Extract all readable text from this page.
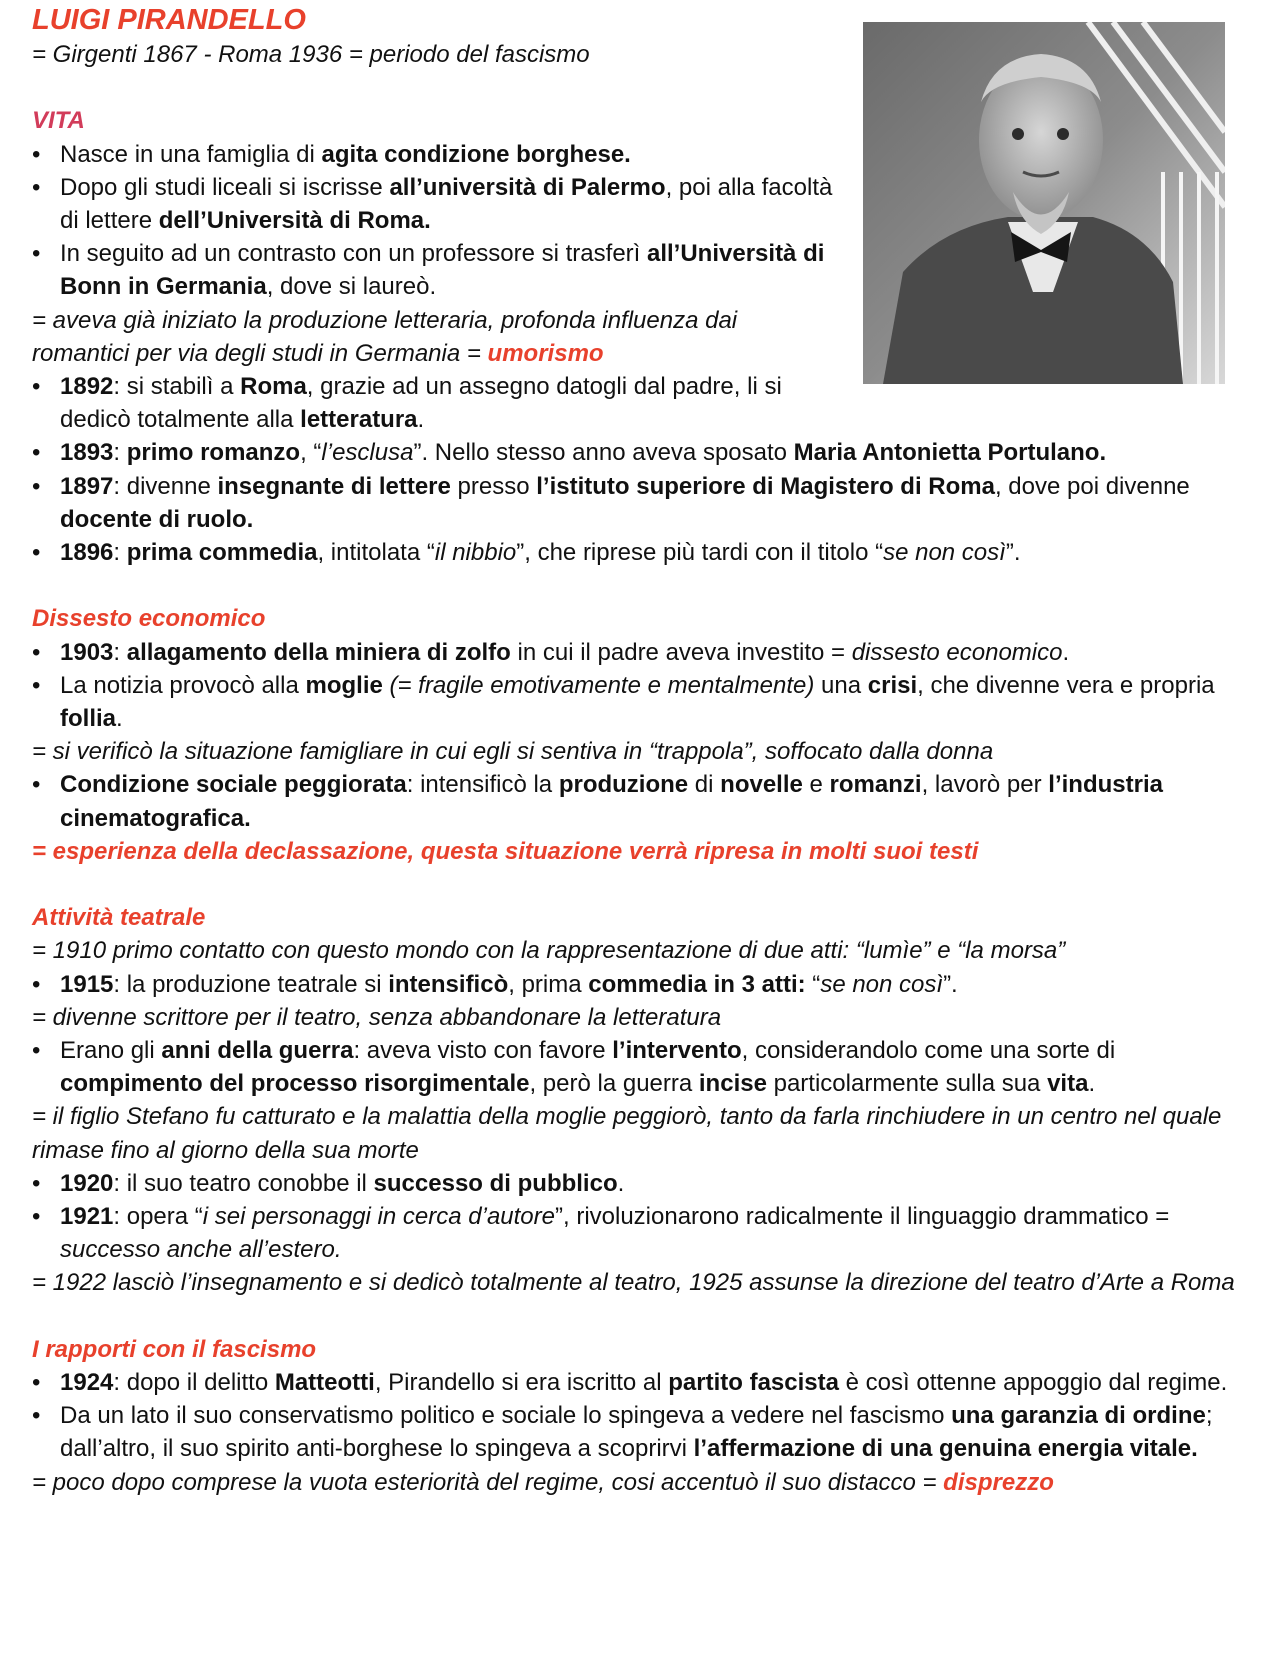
LUIGI PIRANDELLO
= Girgenti 1867 - Roma 1936 = periodo del fascismo
VITA
• Nasce in una famiglia di agita condizione borghese.
• Dopo gli studi liceali si iscrisse all’università di Palermo, poi alla facoltà di lettere dell’Università di Roma.
• In seguito ad un contrasto con un professore si trasferì all’Università di Bonn in Germania, dove si laureò.
= aveva già iniziato la produzione letteraria, profonda influenza dai romantici per via degli studi in Germania = umorismo
• 1892: si stabilì a Roma, grazie ad un assegno datogli dal padre, li si dedicò totalmente alla letteratura.
• 1893: primo romanzo, “l’esclusa”. Nello stesso anno aveva sposato Maria Antonietta Portulano.
• 1897: divenne insegnante di lettere presso l’istituto superiore di Magistero di Roma, dove poi divenne docente di ruolo.
• 1896: prima commedia, intitolata “il nibbio”, che riprese più tardi con il titolo “se non così”.
Dissesto economico
• 1903: allagamento della miniera di zolfo in cui il padre aveva investito = dissesto economico.
• La notizia provocò alla moglie (= fragile emotivamente e mentalmente) una crisi, che divenne vera e propria follia.
= si verificò la situazione famigliare in cui egli si sentiva in “trappola”, soffocato dalla donna
• Condizione sociale peggiorata: intensificò la produzione di novelle e romanzi, lavorò per l’industria cinematografica.
= esperienza della declassazione, questa situazione verrà ripresa in molti suoi testi
Attività teatrale
= 1910 primo contatto con questo mondo con la rappresentazione di due atti: “lumìe” e “la morsa”
• 1915: la produzione teatrale si intensificò, prima commedia in 3 atti: “se non così”.
= divenne scrittore per il teatro, senza abbandonare la letteratura
• Erano gli anni della guerra: aveva visto con favore l’intervento, considerandolo come una sorte di compimento del processo risorgimentale, però la guerra incise particolarmente sulla sua vita.
= il figlio Stefano fu catturato e la malattia della moglie peggiorò, tanto da farla rinchiudere in un centro nel quale rimase fino al giorno della sua morte
• 1920: il suo teatro conobbe il successo di pubblico.
• 1921: opera “i sei personaggi in cerca d’autore”, rivoluzionarono radicalmente il linguaggio drammatico = successo anche all’estero.
= 1922 lasciò l’insegnamento e si dedicò totalmente al teatro, 1925 assunse la direzione del teatro d’Arte a Roma
I rapporti con il fascismo
• 1924: dopo il delitto Matteotti, Pirandello si era iscritto al partito fascista è così ottenne appoggio dal regime.
• Da un lato il suo conservatismo politico e sociale lo spingeva a vedere nel fascismo una garanzia di ordine; dall’altro, il suo spirito anti-borghese lo spingeva a scoprirvi l’affermazione di una genuina energia vitale.
= poco dopo comprese la vuota esteriorità del regime, cosi accentuò il suo distacco = disprezzo
